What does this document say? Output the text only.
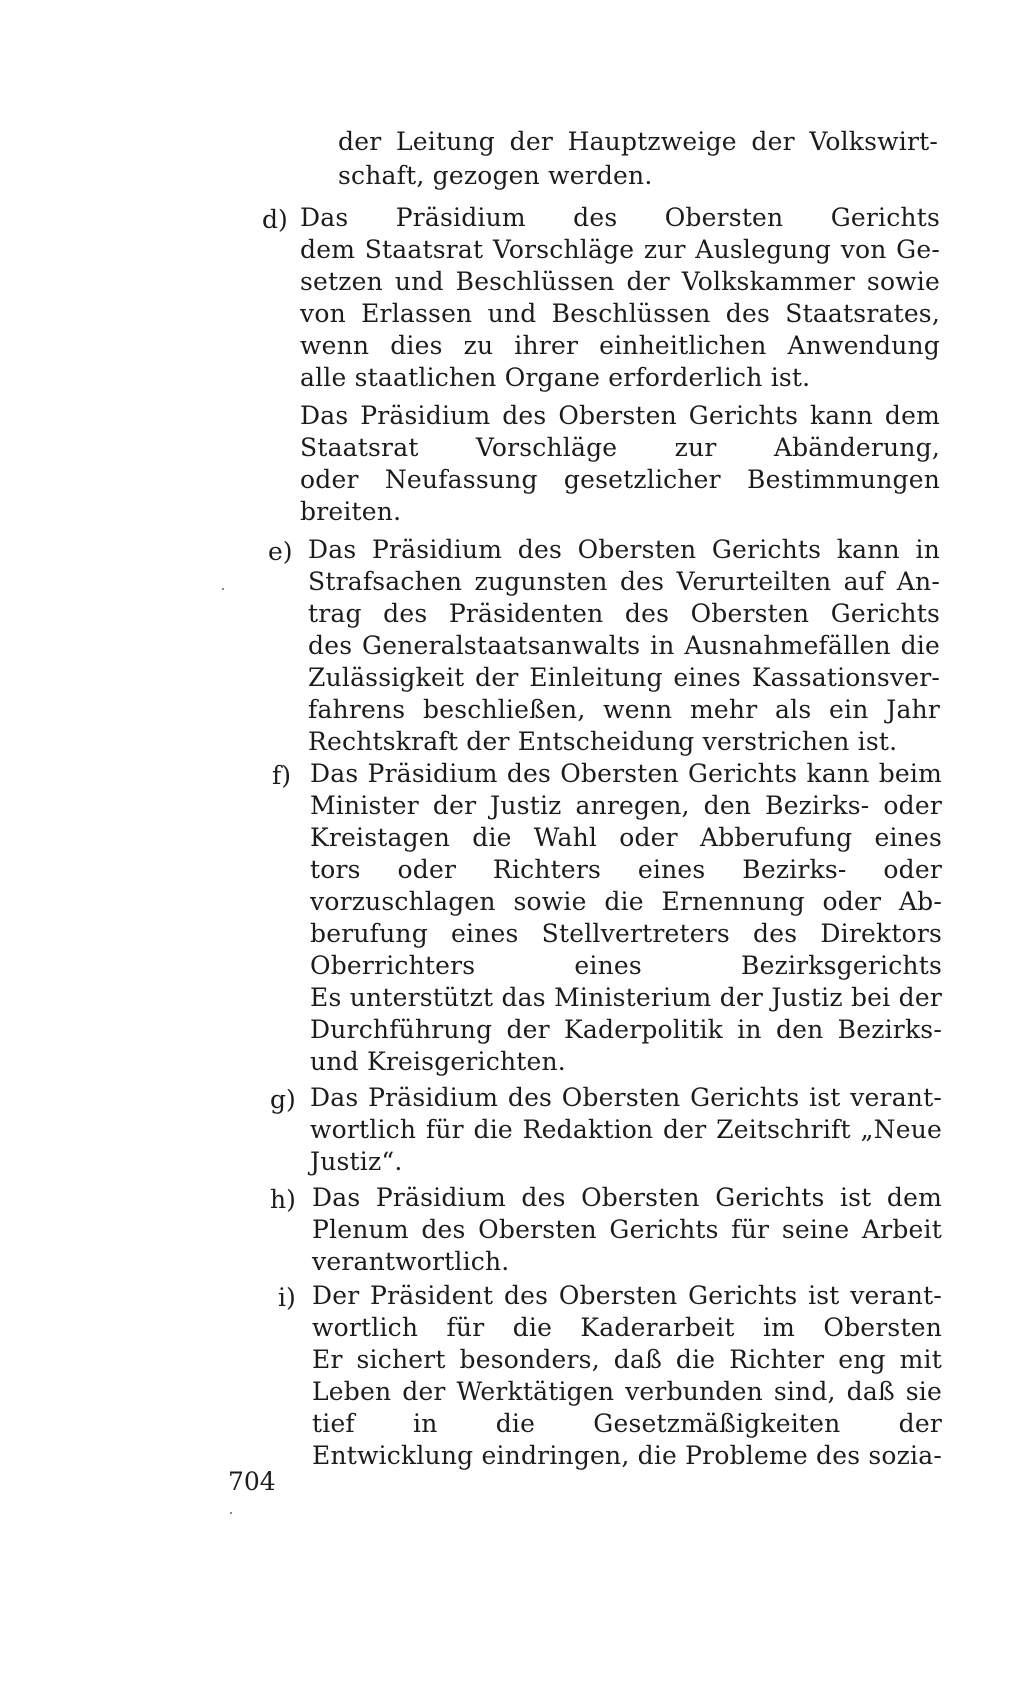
der Leitung der Hauptzweige der Volkswirt-
schaft, gezogen werden.
d) Das Präsidium des Obersten Gerichts
dem Staatsrat Vorschläge zur Auslegung von Ge-
setzen und Beschlüssen der Volkskammer sowie
von Erlassen und Beschlüssen des Staatsrates,
wenn dies zu ihrer einheitlichen Anwendung
alle staatlichen Organe erforderlich ist.
Das Präsidium des Obersten Gerichts kann dem
Staatsrat Vorschläge zur Abänderung,
oder Neufassung gesetzlicher Bestimmungen
breiten.
e) Das Präsidium des Obersten Gerichts kann in
Strafsachen zugunsten des Verurteilten auf An-
trag des Präsidenten des Obersten Gerichts
des Generalstaatsanwalts in Ausnahmefällen die
Zulässigkeit der Einleitung eines Kassationsver-
fahrens beschließen, wenn mehr als ein Jahr
Rechtskraft der Entscheidung verstrichen ist.
f) Das Präsidium des Obersten Gerichts kann beim
Minister der Justiz anregen, den Bezirks- oder
Kreistagen die Wahl oder Abberufung eines
tors oder Richters eines Bezirks- oder
vorzuschlagen sowie die Ernennung oder Ab-
berufung eines Stellvertreters des Direktors
Oberrichters eines Bezirksgerichts
Es unterstützt das Ministerium der Justiz bei der
Durchführung der Kaderpolitik in den Bezirks-
und Kreisgerichten.
g) Das Präsidium des Obersten Gerichts ist verant-
wortlich für die Redaktion der Zeitschrift „Neue
Justiz“.
h) Das Präsidium des Obersten Gerichts ist dem
Plenum des Obersten Gerichts für seine Arbeit
verantwortlich.
i) Der Präsident des Obersten Gerichts ist verant-
wortlich für die Kaderarbeit im Obersten
Er sichert besonders, daß die Richter eng mit
Leben der Werktätigen verbunden sind, daß sie
tief in die Gesetzmäßigkeiten der
Entwicklung eindringen, die Probleme des sozia-
704
